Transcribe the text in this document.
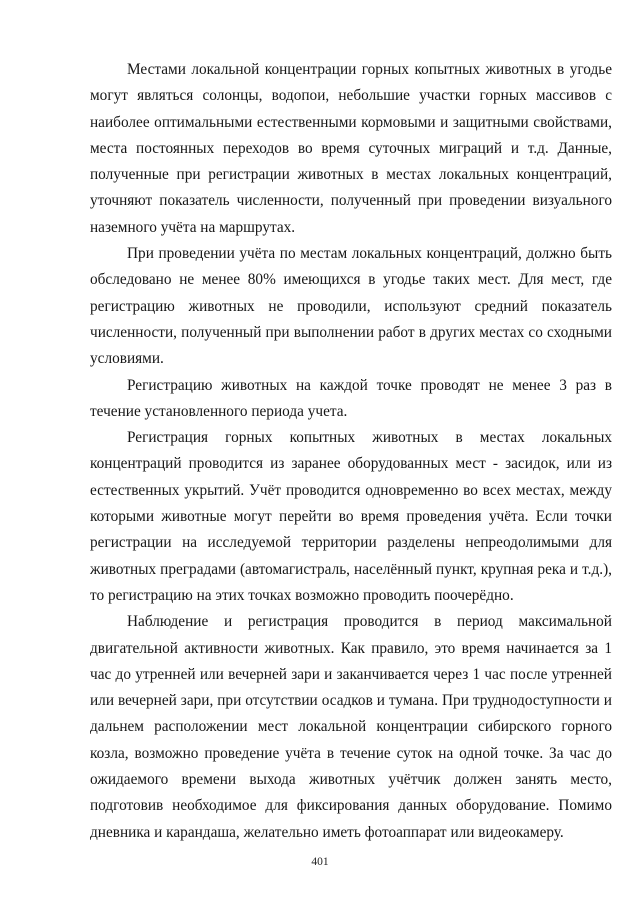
Местами локальной концентрации горных копытных животных в угодье могут являться солонцы, водопои, небольшие участки горных массивов с наиболее оптимальными естественными кормовыми и защитными свойствами, места постоянных переходов во время суточных миграций и т.д. Данные, полученные при регистрации животных в местах локальных концентраций, уточняют показатель численности, полученный при проведении визуального наземного учёта на маршрутах.

При проведении учёта по местам локальных концентраций, должно быть обследовано не менее 80% имеющихся в угодье таких мест. Для мест, где регистрацию животных не проводили, используют средний показатель численности, полученный при выполнении работ в других местах со сходными условиями.

Регистрацию животных на каждой точке проводят не менее 3 раз в течение установленного периода учета.

Регистрация горных копытных животных в местах локальных концентраций проводится из заранее оборудованных мест - засидок, или из естественных укрытий. Учёт проводится одновременно во всех местах, между которыми животные могут перейти во время проведения учёта. Если точки регистрации на исследуемой территории разделены непреодолимыми для животных преградами (автомагистраль, населённый пункт, крупная река и т.д.), то регистрацию на этих точках возможно проводить поочерёдно.

Наблюдение и регистрация проводится в период максимальной двигательной активности животных. Как правило, это время начинается за 1 час до утренней или вечерней зари и заканчивается через 1 час после утренней или вечерней зари, при отсутствии осадков и тумана. При труднодоступности и дальнем расположении мест локальной концентрации сибирского горного козла, возможно проведение учёта в течение суток на одной точке. За час до ожидаемого времени выхода животных учётчик должен занять место, подготовив необходимое для фиксирования данных оборудование. Помимо дневника и карандаша, желательно иметь фотоаппарат или видеокамеру.

401
